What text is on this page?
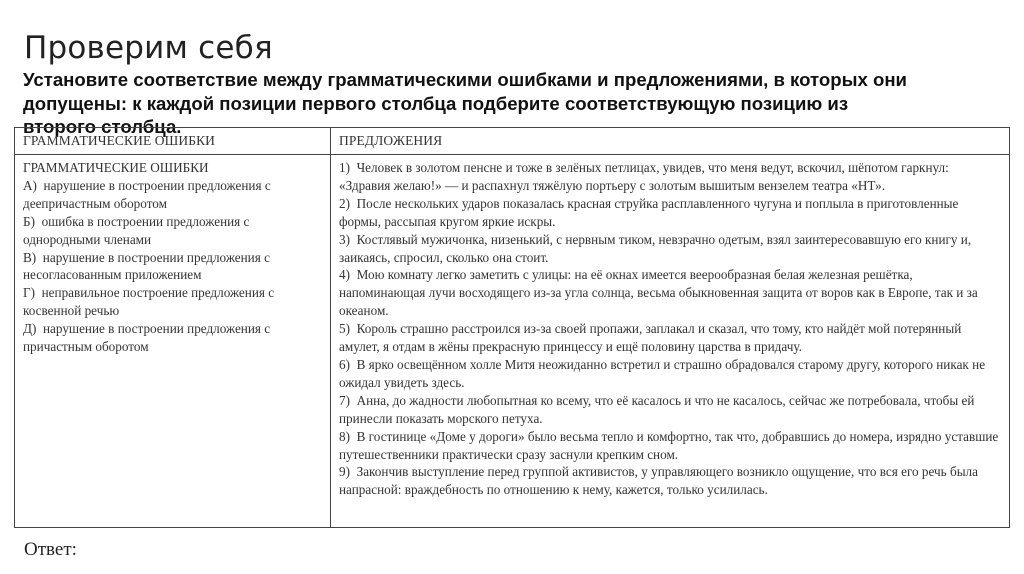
Проверим себя
Установите соответствие между грамматическими ошибками и предложениями, в которых они допущены: к каждой позиции первого столбца подберите соответствующую позицию из второго столбца.
ГРАММАТИЧЕСКИЕ ОШИБКИ	ПРЕДЛОЖЕНИЯ

ГРАММАТИЧЕСКИЕ ОШИБКИ
А) нарушение в построении предложения с деепричастным оборотом
Б) ошибка в построении предложения с однородными членами
В) нарушение в построении предложения с несогласованным приложением
Г) неправильное построение предложения с косвенной речью
Д) нарушение в построении предложения с причастным оборотом

1) Человек в золотом пенсне и тоже в зелёных петлицах, увидев, что меня ведут, вскочил, шёпотом гаркнул: «Здравия желаю!» — и распахнул тяжёлую портьеру с золотым вышитым вензелем театра «НТ».
2) После нескольких ударов показалась красная струйка расплавленного чугуна и поплыла в приготовленные формы, рассыпая кругом яркие искры.
3) Костлявый мужичонка, низенький, с нервным тиком, невзрачно одетым, взял заинтересовавшую его книгу и, заикаясь, спросил, сколько она стоит.
4) Мою комнату легко заметить с улицы: на её окнах имеется веерообразная белая железная решётка, напоминающая лучи восходящего из-за угла солнца, весьма обыкновенная защита от воров как в Европе, так и за океаном.
5) Король страшно расстроился из-за своей пропажи, заплакал и сказал, что тому, кто найдёт мой потерянный амулет, я отдам в жёны прекрасную принцессу и ещё половину царства в придачу.
6) В ярко освещённом холле Митя неожиданно встретил и страшно обрадовался старому другу, которого никак не ожидал увидеть здесь.
7) Анна, до жадности любопытная ко всему, что её касалось и что не касалось, сейчас же потребовала, чтобы ей принесли показать морского петуха.
8) В гостинице «Доме у дороги» было весьма тепло и комфортно, так что, добравшись до номера, изрядно уставшие путешественники практически сразу заснули крепким сном.
9) Закончив выступление перед группой активистов, у управляющего возникло ощущение, что вся его речь была напрасной: враждебность по отношению к нему, кажется, только усилилась.
Ответ:
